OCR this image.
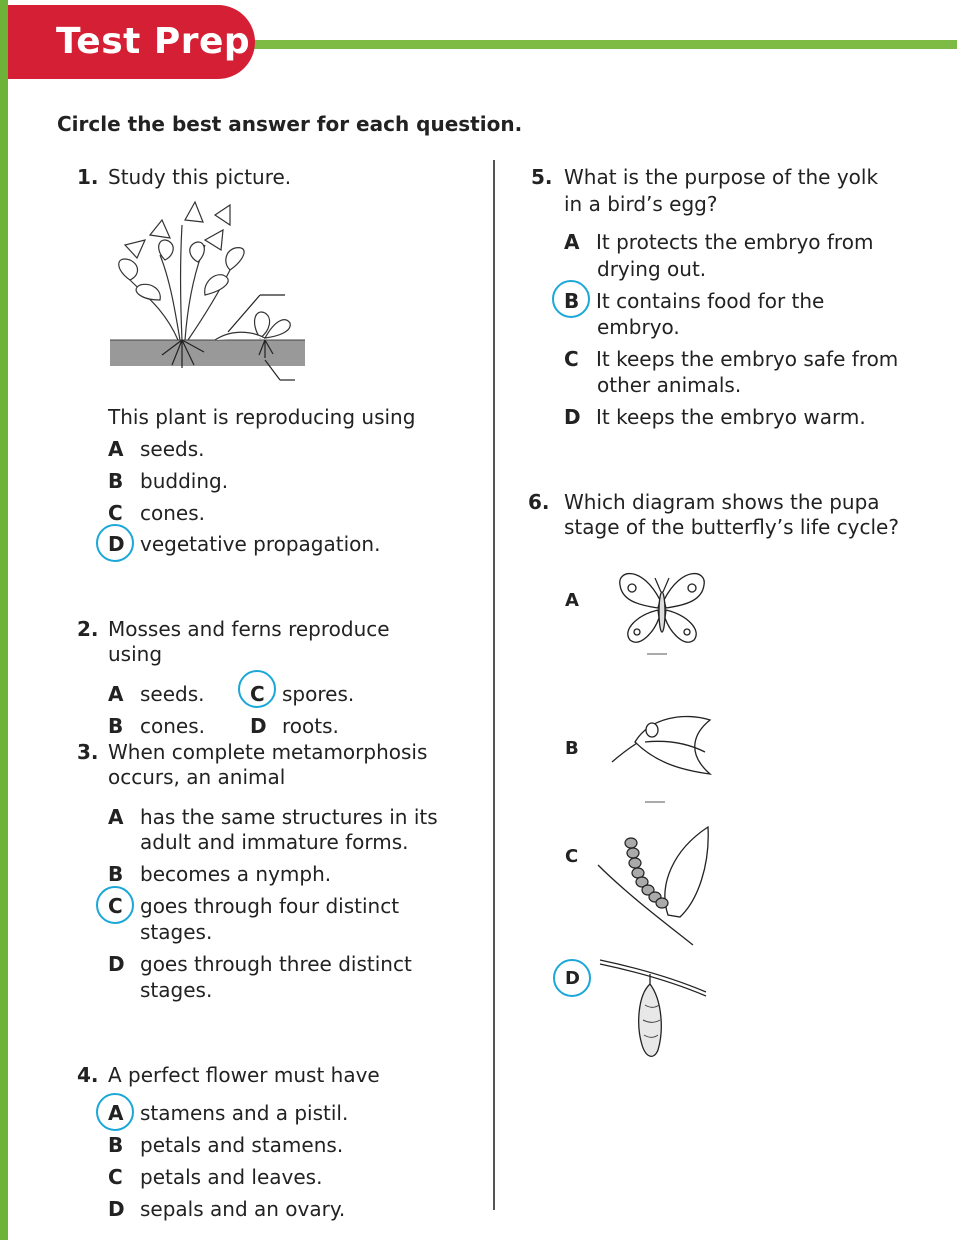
Test Prep
Circle the best answer for each question.
1. Study this picture.
This plant is reproducing using
A seeds.
B budding.
C cones.
D vegetative propagation.
2. Mosses and ferns reproduce
using
A seeds. C spores.
B cones. D roots.
3. When complete metamorphosis
occurs, an animal
A has the same structures in its
adult and immature forms.
B becomes a nymph.
C goes through four distinct
stages.
D goes through three distinct
stages.
4. A perfect flower must have
A stamens and a pistil.
B petals and stamens.
C petals and leaves.
D sepals and an ovary.
5. What is the purpose of the yolk
in a bird’s egg?
A It protects the embryo from
drying out.
B It contains food for the
embryo.
C It keeps the embryo safe from
other animals.
D It keeps the embryo warm.
6. Which diagram shows the pupa
stage of the butterfly’s life cycle?
A
B
C
D
